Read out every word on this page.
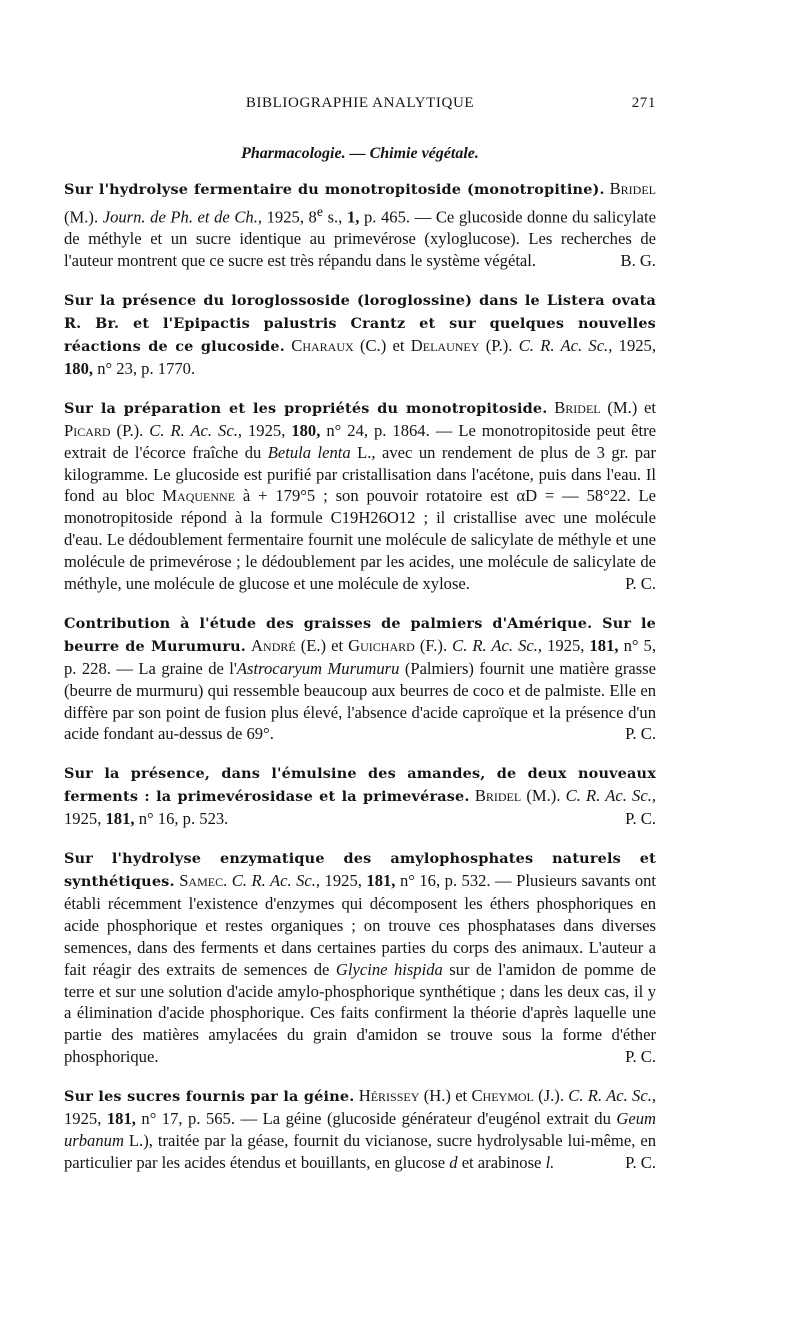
BIBLIOGRAPHIE ANALYTIQUE	271
Pharmacologie. — Chimie végétale.

Sur l'hydrolyse fermentaire du monotropitoside (monotropitine). Bridel (M.). Journ. de Ph. et de Ch., 1925, 8e s., 1, p. 465. — Ce glucoside donne du salicylate de méthyle et un sucre identique au primevérose (xyloglucose). Les recherches de l'auteur montrent que ce sucre est très répandu dans le système végétal.	B. G.

Sur la présence du loroglossoside (loroglossine) dans le Listera ovata R. Br. et l'Epipactis palustris Crantz et sur quelques nouvelles réactions de ce glucoside. Charaux (C.) et Delauney (P.). C. R. Ac. Sc., 1925, 180, n° 23, p. 1770.

Sur la préparation et les propriétés du monotropitoside. Bridel (M.) et Picard (P.). C. R. Ac. Sc., 1925, 180, n° 24, p. 1864. — Le monotropitoside peut être extrait de l'écorce fraîche du Betula lenta L., avec un rendement de plus de 3 gr. par kilogramme. Le glucoside est purifié par cristallisation dans l'acétone, puis dans l'eau. Il fond au bloc Maquenne à + 179°5 ; son pouvoir rotatoire est αD = — 58°22. Le monotropitoside répond à la formule C19H26O12 ; il cristallise avec une molécule d'eau. Le dédoublement fermentaire fournit une molécule de salicylate de méthyle et une molécule de primevérose ; le dédoublement par les acides, une molécule de salicylate de méthyle, une molécule de glucose et une molécule de xylose.	P. C.

Contribution à l'étude des graisses de palmiers d'Amérique. Sur le beurre de Murumuru. André (E.) et Guichard (F.). C. R. Ac. Sc., 1925, 181, n° 5, p. 228. — La graine de l'Astrocaryum Murumuru (Palmiers) fournit une matière grasse (beurre de murmuru) qui ressemble beaucoup aux beurres de coco et de palmiste. Elle en diffère par son point de fusion plus élevé, l'absence d'acide caproïque et la présence d'un acide fondant au-dessus de 69°.	P. C.

Sur la présence, dans l'émulsine des amandes, de deux nouveaux ferments : la primevérosidase et la primevérase. Bridel (M.). C. R. Ac. Sc., 1925, 181, n° 16, p. 523.	P. C.

Sur l'hydrolyse enzymatique des amylophosphates naturels et synthétiques. Samec. C. R. Ac. Sc., 1925, 181, n° 16, p. 532. — Plusieurs savants ont établi récemment l'existence d'enzymes qui décomposent les éthers phosphoriques en acide phosphorique et restes organiques ; on trouve ces phosphatases dans diverses semences, dans des ferments et dans certaines parties du corps des animaux. L'auteur a fait réagir des extraits de semences de Glycine hispida sur de l'amidon de pomme de terre et sur une solution d'acide amylo-phosphorique synthétique ; dans les deux cas, il y a élimination d'acide phosphorique. Ces faits confirment la théorie d'après laquelle une partie des matières amylacées du grain d'amidon se trouve sous la forme d'éther phosphorique.	P. C.

Sur les sucres fournis par la géine. Hérissey (H.) et Cheymol (J.). C. R. Ac. Sc., 1925, 181, n° 17, p. 565. — La géine (glucoside générateur d'eugénol extrait du Geum urbanum L.), traitée par la géase, fournit du vicianose, sucre hydrolysable lui-même, en particulier par les acides étendus et bouillants, en glucose d et arabinose l.	P. C.
